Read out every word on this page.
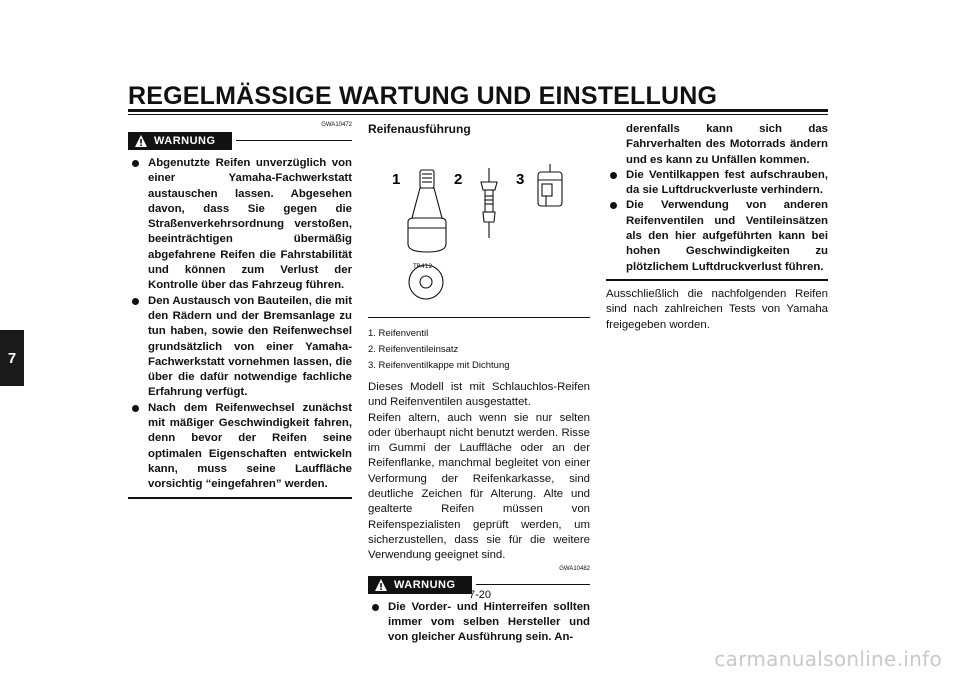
REGELMÄSSIGE WARTUNG UND EINSTELLUNG
7
GWA10472
WARNUNG
Abgenutzte Reifen unverzüglich von einer Yamaha-Fachwerkstatt austauschen lassen. Abgesehen davon, dass Sie gegen die Straßenverkehrsordnung verstoßen, beeinträchtigen übermäßig abgefahrene Reifen die Fahrstabilität und können zum Verlust der Kontrolle über das Fahrzeug führen.
Den Austausch von Bauteilen, die mit den Rädern und der Bremsanlage zu tun haben, sowie den Reifenwechsel grundsätzlich von einer Yamaha-Fachwerkstatt vornehmen lassen, die über die dafür notwendige fachliche Erfahrung verfügt.
Nach dem Reifenwechsel zunächst mit mäßiger Geschwindigkeit fahren, denn bevor der Reifen seine optimalen Eigenschaften entwickeln kann, muss seine Lauffläche vorsichtig “eingefahren” werden.
Reifenausführung
1	2	3
TR412
1. Reifenventil
2. Reifenventileinsatz
3. Reifenventilkappe mit Dichtung
Dieses Modell ist mit Schlauchlos-Reifen und Reifenventilen ausgestattet.
Reifen altern, auch wenn sie nur selten oder überhaupt nicht benutzt werden. Risse im Gummi der Lauffläche oder an der Reifenflanke, manchmal begleitet von einer Verformung der Reifenkarkasse, sind deutliche Zeichen für Alterung. Alte und gealterte Reifen müssen von Reifenspezialisten geprüft werden, um sicherzustellen, dass sie für die weitere Verwendung geeignet sind.
GWA10482
WARNUNG
Die Vorder- und Hinterreifen sollten immer vom selben Hersteller und von gleicher Ausführung sein. An-
derenfalls kann sich das Fahrverhalten des Motorrads ändern und es kann zu Unfällen kommen.
Die Ventilkappen fest aufschrauben, da sie Luftdruckverluste verhindern.
Die Verwendung von anderen Reifenventilen und Ventileinsätzen als den hier aufgeführten kann bei hohen Geschwindigkeiten zu plötzlichem Luftdruckverlust führen.
Ausschließlich die nachfolgenden Reifen sind nach zahlreichen Tests von Yamaha freigegeben worden.
7-20
carmanualsonline.info
